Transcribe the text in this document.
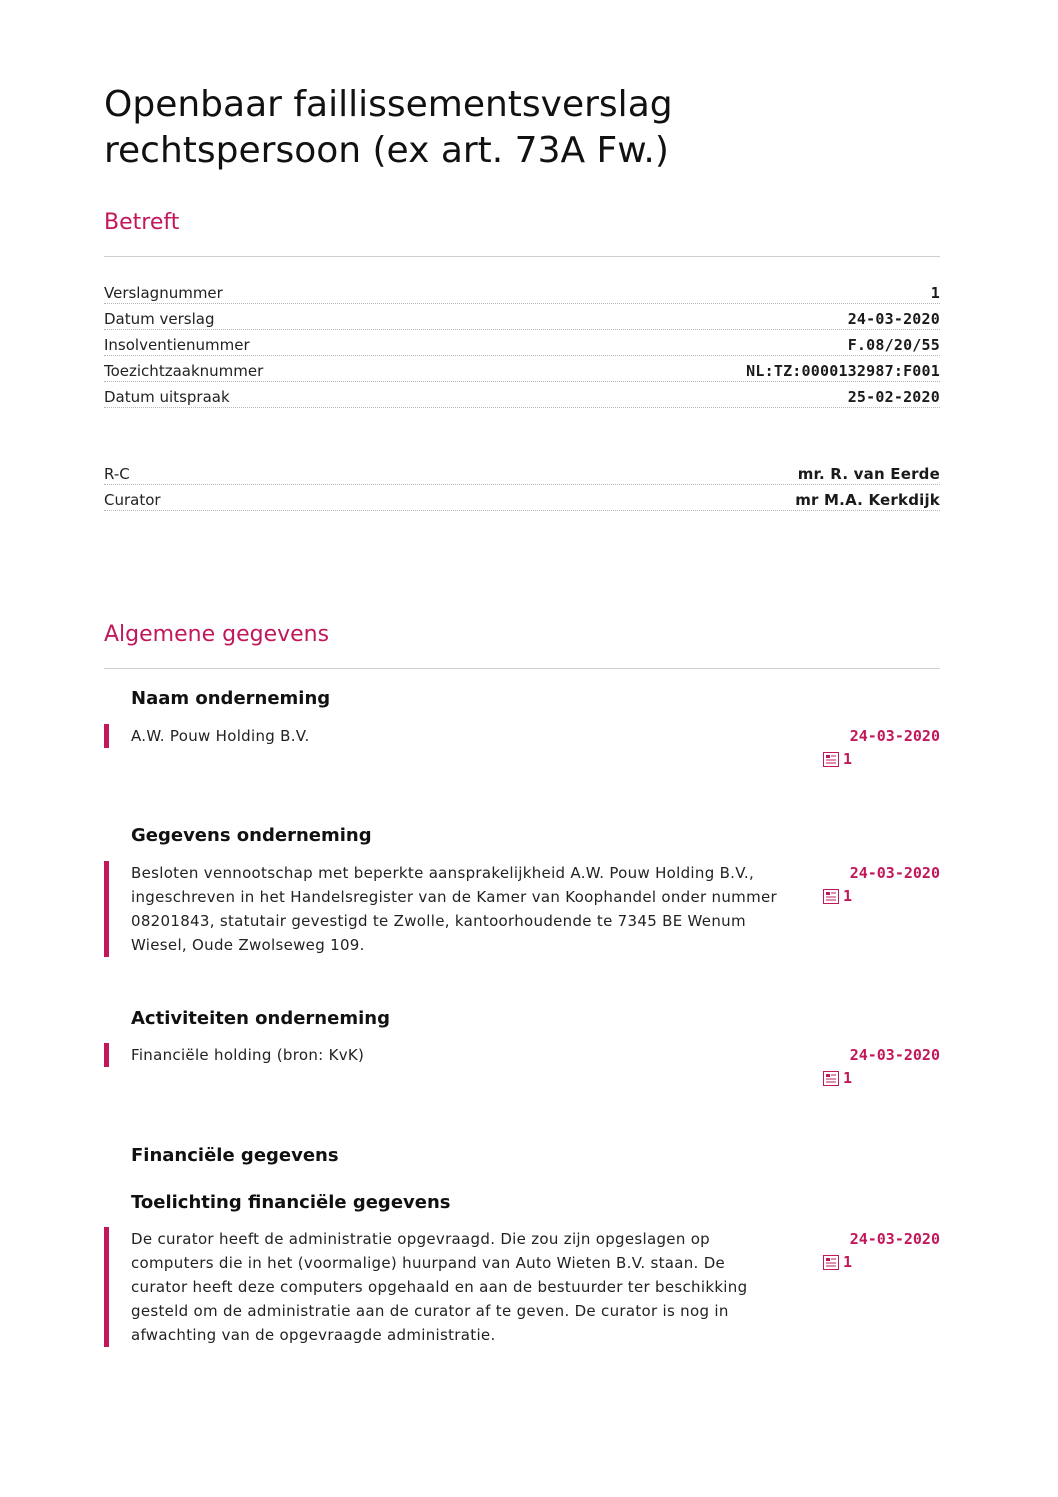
Openbaar faillissementsverslag rechtspersoon (ex art. 73A Fw.)
Betreft
Verslagnummer	1
Datum verslag	24-03-2020
Insolventienummer	F.08/20/55
Toezichtzaaknummer	NL:TZ:0000132987:F001
Datum uitspraak	25-02-2020
R-C	mr. R. van Eerde
Curator	mr M.A. Kerkdijk
Algemene gegevens
Naam onderneming
A.W. Pouw Holding B.V.	24-03-2020
1
Gegevens onderneming
Besloten vennootschap met beperkte aansprakelijkheid A.W. Pouw Holding B.V., ingeschreven in het Handelsregister van de Kamer van Koophandel onder nummer 08201843, statutair gevestigd te Zwolle, kantoorhoudende te 7345 BE Wenum Wiesel, Oude Zwolseweg 109.
24-03-2020
1
Activiteiten onderneming
Financiële holding (bron: KvK)	24-03-2020
1
Financiële gegevens
Toelichting financiële gegevens
De curator heeft de administratie opgevraagd. Die zou zijn opgeslagen op computers die in het (voormalige) huurpand van Auto Wieten B.V. staan. De curator heeft deze computers opgehaald en aan de bestuurder ter beschikking gesteld om de administratie aan de curator af te geven. De curator is nog in afwachting van de opgevraagde administratie.
24-03-2020
1
